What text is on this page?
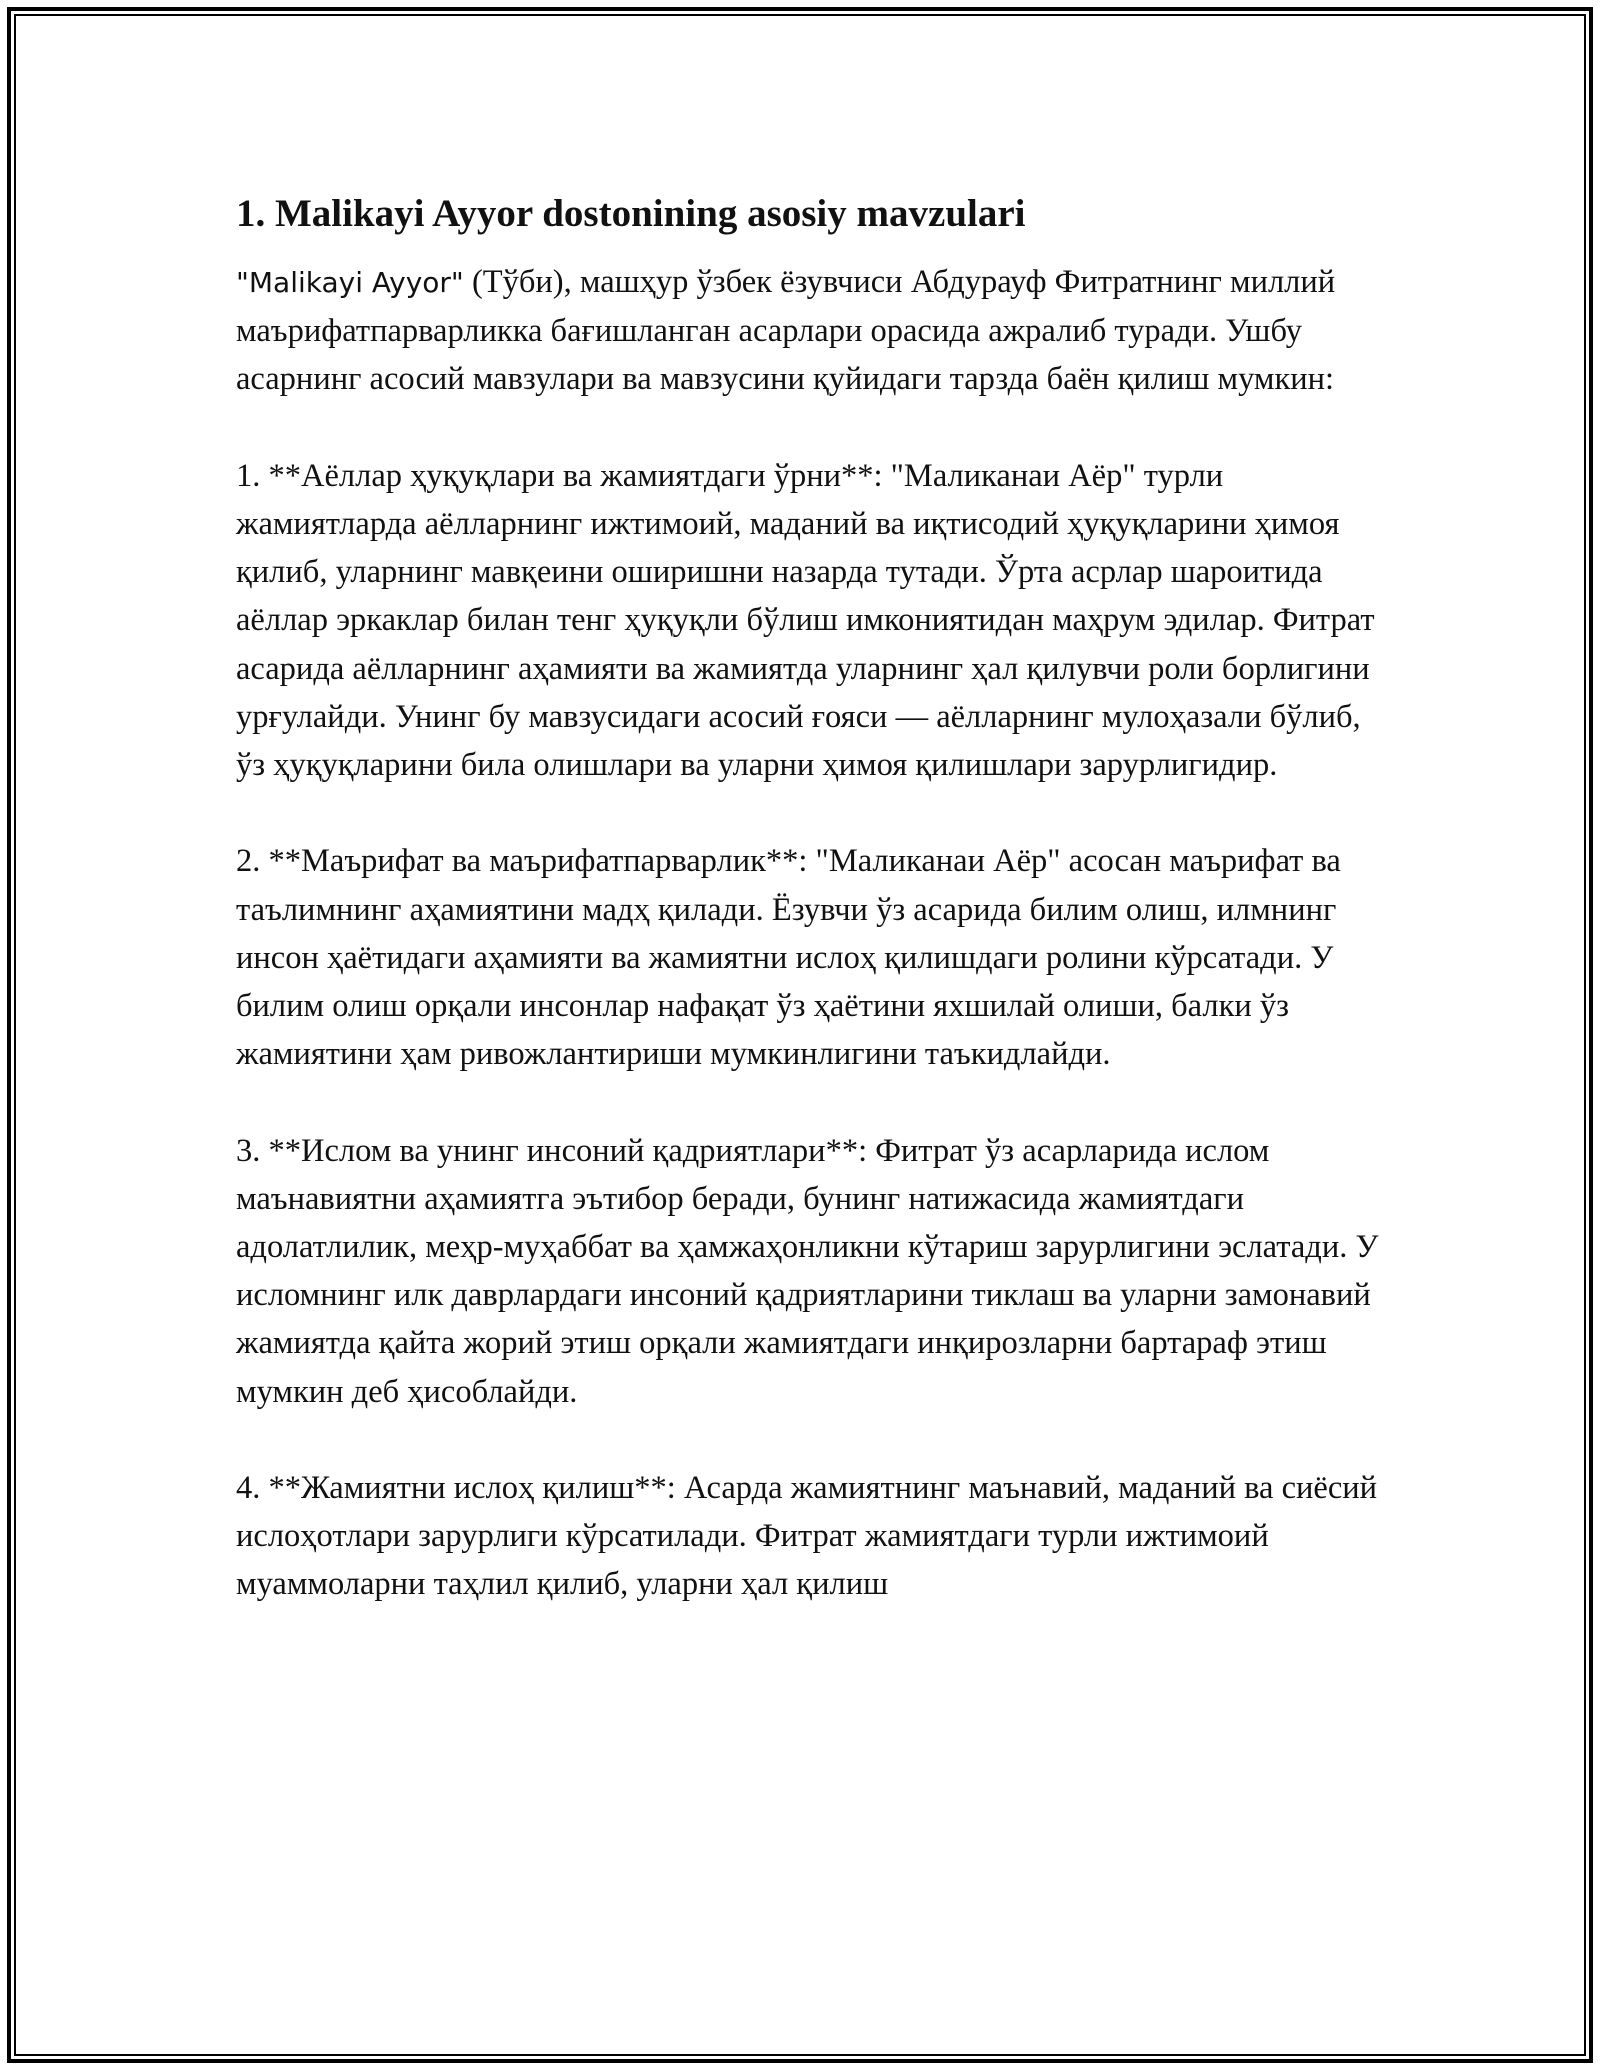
1. Malikayi Ayyor dostonining asosiy mavzulari

"Malikayi Ayyor" (Тўби), машҳур ўзбек ёзувчиси Абдурауф Фитратнинг миллий маърифатпарварликка бағишланган асарлари орасида ажралиб туради. Ушбу асарнинг асосий мавзулари ва мавзусини қуйидаги тарзда баён қилиш мумкин:

1. **Аёллар ҳуқуқлари ва жамиятдаги ўрни**: "Маликанаи Аёр" турли жамиятларда аёлларнинг ижтимоий, маданий ва иқтисодий ҳуқуқларини ҳимоя қилиб, уларнинг мавқеини оширишни назарда тутади. Ўрта асрлар шароитида аёллар эркаклар билан тенг ҳуқуқли бўлиш имкониятидан маҳрум эдилар. Фитрат асарида аёлларнинг аҳамияти ва жамиятда уларнинг ҳал қилувчи роли борлигини урғулайди. Унинг бу мавзусидаги асосий ғояси — аёлларнинг мулоҳазали бўлиб, ўз ҳуқуқларини била олишлари ва уларни ҳимоя қилишлари зарурлигидир.

2. **Маърифат ва маърифатпарварлик**: "Маликанаи Аёр" асосан маърифат ва таълимнинг аҳамиятини мадҳ қилади. Ёзувчи ўз асарида билим олиш, илмнинг инсон ҳаётидаги аҳамияти ва жамиятни ислоҳ қилишдаги ролини кўрсатади. У билим олиш орқали инсонлар нафақат ўз ҳаётини яхшилай олиши, балки ўз жамиятини ҳам ривожлантириши мумкинлигини таъкидлайди.

3. **Ислом ва унинг инсоний қадриятлари**: Фитрат ўз асарларида ислом маънавиятни аҳамиятга эътибор беради, бунинг натижасида жамиятдаги адолатлилик, меҳр-муҳаббат ва ҳамжаҳонликни кўтариш зарурлигини эслатади. У исломнинг илк даврлардаги инсоний қадриятларини тиклаш ва уларни замонавий жамиятда қайта жорий этиш орқали жамиятдаги инқирозларни бартараф этиш мумкин деб ҳисоблайди.

4. **Жамиятни ислоҳ қилиш**: Асарда жамиятнинг маънавий, маданий ва сиёсий ислоҳотлари зарурлиги кўрсатилади. Фитрат жамиятдаги турли ижтимоий муаммоларни таҳлил қилиб, уларни ҳал қилиш
